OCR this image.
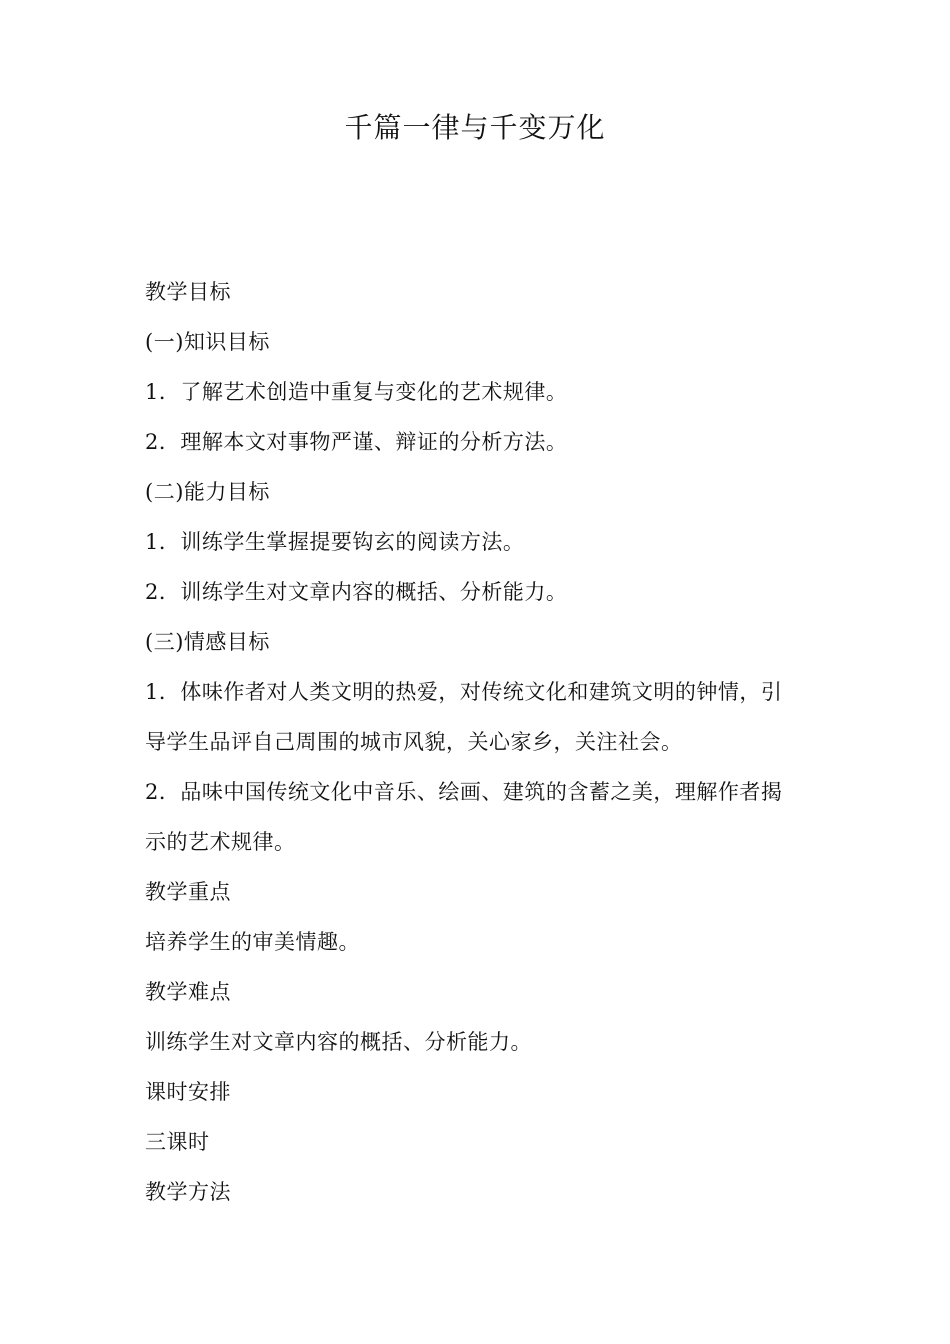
千篇一律与千变万化
教学目标
(一)知识目标
1．了解艺术创造中重复与变化的艺术规律。
2．理解本文对事物严谨、辩证的分析方法。
(二)能力目标
1．训练学生掌握提要钩玄的阅读方法。
2．训练学生对文章内容的概括、分析能力。
(三)情感目标
1．体味作者对人类文明的热爱，对传统文化和建筑文明的钟情，引
导学生品评自己周围的城市风貌，关心家乡，关注社会。
2．品味中国传统文化中音乐、绘画、建筑的含蓄之美，理解作者揭
示的艺术规律。
教学重点
培养学生的审美情趣。
教学难点
训练学生对文章内容的概括、分析能力。
课时安排
三课时
教学方法
